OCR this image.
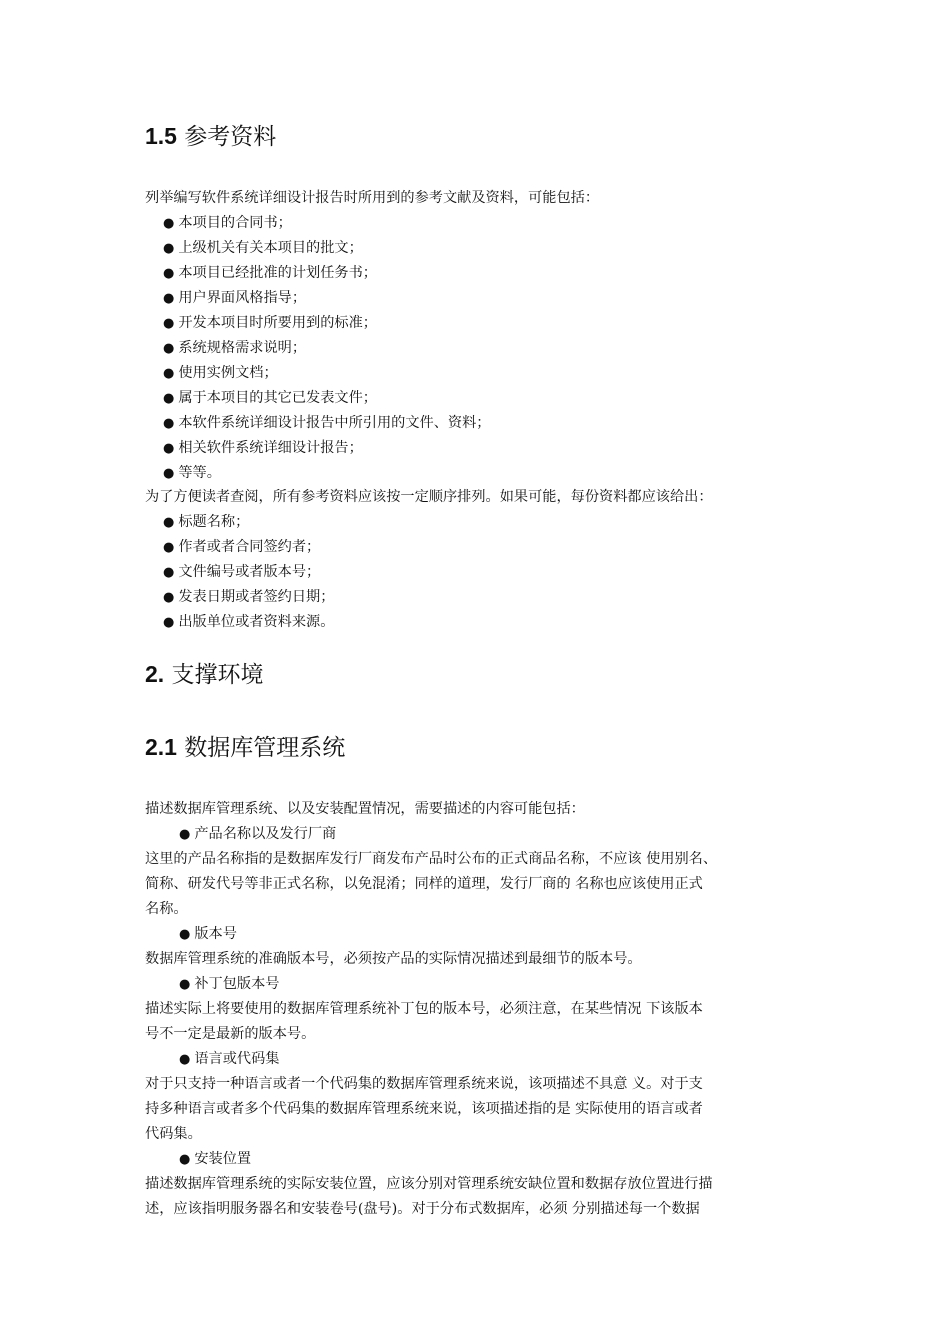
1.5 参考资料

列举编写软件系统详细设计报告时所用到的参考文献及资料，可能包括：

● 本项目的合同书；
● 上级机关有关本项目的批文；
● 本项目已经批准的计划任务书；
● 用户界面风格指导；
● 开发本项目时所要用到的标准；
● 系统规格需求说明；
● 使用实例文档；
● 属于本项目的其它已发表文件；
● 本软件系统详细设计报告中所引用的文件、资料；
● 相关软件系统详细设计报告；
● 等等。

为了方便读者查阅，所有参考资料应该按一定顺序排列。如果可能，每份资料都应该给出：

● 标题名称；
● 作者或者合同签约者；
● 文件编号或者版本号；
● 发表日期或者签约日期；
● 出版单位或者资料来源。
2. 支撑环境
2.1 数据库管理系统

描述数据库管理系统、以及安装配置情况，需要描述的内容可能包括：

● 产品名称以及发行厂商

这里的产品名称指的是数据库发行厂商发布产品时公布的正式商品名称，不应该 使用别名、

简称、研发代号等非正式名称，以免混淆；同样的道理，发行厂商的 名称也应该使用正式

名称。

● 版本号

数据库管理系统的准确版本号，必须按产品的实际情况描述到最细节的版本号。

● 补丁包版本号

描述实际上将要使用的数据库管理系统补丁包的版本号，必须注意，在某些情况 下该版本

号不一定是最新的版本号。

● 语言或代码集

对于只支持一种语言或者一个代码集的数据库管理系统来说，该项描述不具意 义。对于支

持多种语言或者多个代码集的数据库管理系统来说，该项描述指的是 实际使用的语言或者

代码集。

● 安装位置

描述数据库管理系统的实际安装位置，应该分别对管理系统安缺位置和数据存放位置进行描

述，应该指明服务器名和安装卷号(盘号)。对于分布式数据库，必须 分别描述每一个数据
